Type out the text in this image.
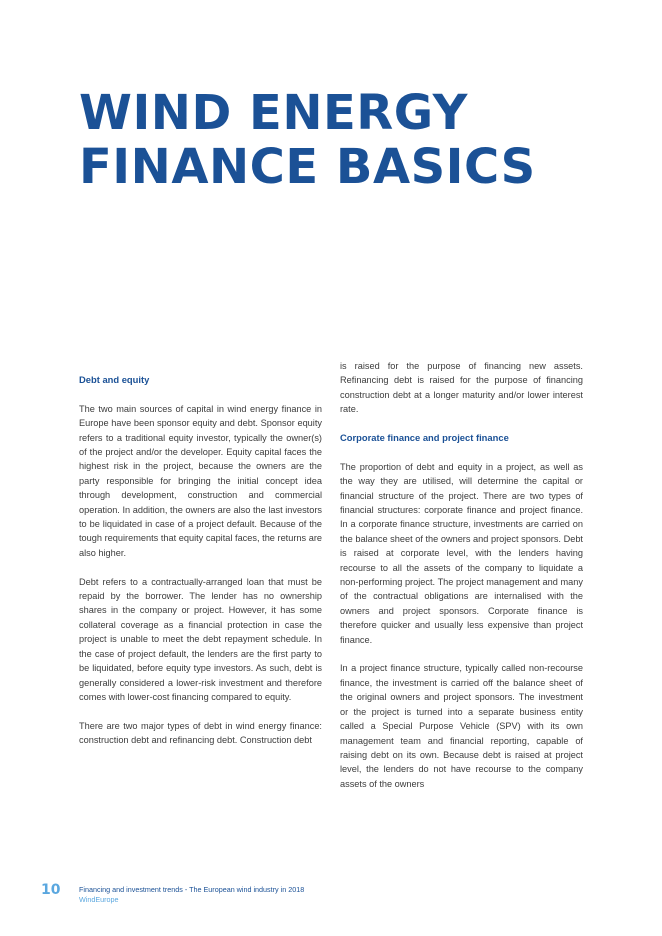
WIND ENERGY
FINANCE BASICS
Debt and equity

The two main sources of capital in wind energy finance in Europe have been sponsor equity and debt. Sponsor equity refers to a traditional equity investor, typically the owner(s) of the project and/or the developer. Equity capital faces the highest risk in the project, because the owners are the party responsible for bringing the initial concept idea through development, construction and commercial operation. In addition, the owners are also the last investors to be liquidated in case of a project default. Because of the tough requirements that equity capital faces, the returns are also higher.

Debt refers to a contractually-arranged loan that must be repaid by the borrower. The lender has no ownership shares in the company or project. However, it has some collateral coverage as a financial protection in case the project is unable to meet the debt repayment schedule. In the case of project default, the lenders are the first party to be liquidated, before equity type investors. As such, debt is generally considered a lower-risk investment and therefore comes with lower-cost financing compared to equity.

There are two major types of debt in wind energy finance: construction debt and refinancing debt. Construction debt

is raised for the purpose of financing new assets. Refinancing debt is raised for the purpose of financing construction debt at a longer maturity and/or lower interest rate.

Corporate finance and project finance

The proportion of debt and equity in a project, as well as the way they are utilised, will determine the capital or financial structure of the project. There are two types of financial structures: corporate finance and project finance. In a corporate finance structure, investments are carried on the balance sheet of the owners and project sponsors. Debt is raised at corporate level, with the lenders having recourse to all the assets of the company to liquidate a non-performing project. The project management and many of the contractual obligations are internalised with the owners and project sponsors. Corporate finance is therefore quicker and usually less expensive than project finance.

In a project finance structure, typically called non-recourse finance, the investment is carried off the balance sheet of the original owners and project sponsors. The investment or the project is turned into a separate business entity called a Special Purpose Vehicle (SPV) with its own management team and financial reporting, capable of raising debt on its own. Because debt is raised at project level, the lenders do not have recourse to the company assets of the owners

10	Financing and investment trends - The European wind industry in 2018
WindEurope
